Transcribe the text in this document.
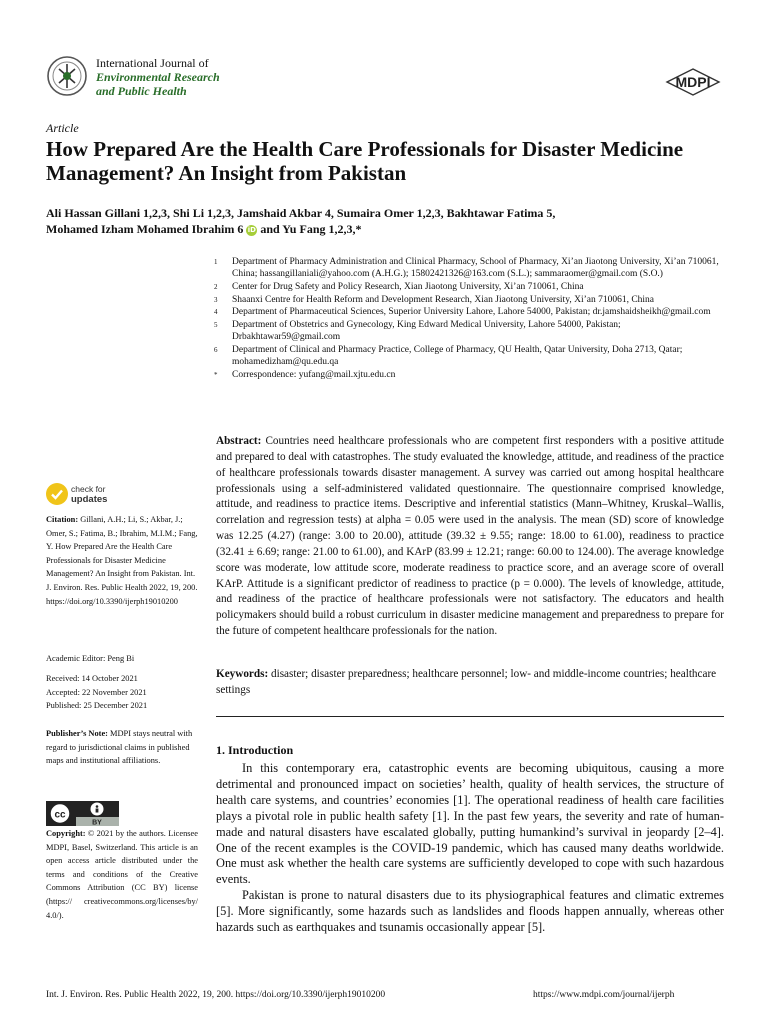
International Journal of
Environmental Research
and Public Health
MDPI
Article
How Prepared Are the Health Care Professionals for Disaster Medicine Management? An Insight from Pakistan
Ali Hassan Gillani 1,2,3, Shi Li 1,2,3, Jamshaid Akbar 4, Sumaira Omer 1,2,3, Bakhtawar Fatima 5,
Mohamed Izham Mohamed Ibrahim 6 iD and Yu Fang 1,2,3,*
1	Department of Pharmacy Administration and Clinical Pharmacy, School of Pharmacy, Xi’an Jiaotong University, Xi’an 710061, China; hassangillaniali@yahoo.com (A.H.G.); 15802421326@163.com (S.L.); sammaraomer@gmail.com (S.O.)
2	Center for Drug Safety and Policy Research, Xian Jiaotong University, Xi’an 710061, China
3	Shaanxi Centre for Health Reform and Development Research, Xian Jiaotong University, Xi’an 710061, China
4	Department of Pharmaceutical Sciences, Superior University Lahore, Lahore 54000, Pakistan; dr.jamshaidsheikh@gmail.com
5	Department of Obstetrics and Gynecology, King Edward Medical University, Lahore 54000, Pakistan; Drbakhtawar59@gmail.com
6	Department of Clinical and Pharmacy Practice, College of Pharmacy, QU Health, Qatar University, Doha 2713, Qatar; mohamedizham@qu.edu.qa
*	Correspondence: yufang@mail.xjtu.edu.cn
Abstract: Countries need healthcare professionals who are competent first responders with a positive attitude and prepared to deal with catastrophes. The study evaluated the knowledge, attitude, and readiness of the practice of healthcare professionals towards disaster management. A survey was carried out among hospital healthcare professionals using a self-administered validated questionnaire. The questionnaire comprised knowledge, attitude, and readiness to practice items. Descriptive and inferential statistics (Mann–Whitney, Kruskal–Wallis, correlation and regression tests) at alpha = 0.05 were used in the analysis. The mean (SD) score of knowledge was 12.25 (4.27) (range: 3.00 to 20.00), attitude (39.32 ± 9.55; range: 18.00 to 61.00), readiness to practice (32.41 ± 6.69; range: 21.00 to 61.00), and KArP (83.99 ± 12.21; range: 60.00 to 124.00). The average knowledge score was moderate, low attitude score, moderate readiness to practice score, and an average score of overall KArP. Attitude is a significant predictor of readiness to practice (p = 0.000). The levels of knowledge, attitude, and readiness of the practice of healthcare professionals were not satisfactory. The educators and health policymakers should build a robust curriculum in disaster medicine management and preparedness to prepare for the future of competent healthcare professionals for the nation.
Keywords: disaster; disaster preparedness; healthcare personnel; low- and middle-income countries; healthcare settings
1. Introduction

In this contemporary era, catastrophic events are becoming ubiquitous, causing a more detrimental and pronounced impact on societies’ health, quality of health services, the structure of health care systems, and countries’ economies [1]. The operational readiness of health care facilities plays a pivotal role in public health safety [1]. In the past few years, the severity and rate of human-made and natural disasters have escalated globally, putting humankind’s survival in jeopardy [2–4]. One of the recent examples is the COVID-19 pandemic, which has caused many deaths worldwide. One must ask whether the health care systems are sufficiently developed to cope with such hazardous events.

Pakistan is prone to natural disasters due to its physiographical features and climatic extremes [5]. More significantly, some hazards such as landslides and floods happen annually, whereas other hazards such as earthquakes and tsunamis occasionally appear [5].

check for
updates
Citation: Gillani, A.H.; Li, S.; Akbar, J.; Omer, S.; Fatima, B.; Ibrahim, M.I.M.; Fang, Y. How Prepared Are the Health Care Professionals for Disaster Medicine Management? An Insight from Pakistan. Int. J. Environ. Res. Public Health 2022, 19, 200. https://doi.org/10.3390/ijerph19010200
Academic Editor: Peng Bi
Received: 14 October 2021
Accepted: 22 November 2021
Published: 25 December 2021
Publisher’s Note: MDPI stays neutral with regard to jurisdictional claims in published maps and institutional affiliations.
cc
BY
Copyright: © 2021 by the authors. Licensee MDPI, Basel, Switzerland. This article is an open access article distributed under the terms and conditions of the Creative Commons Attribution (CC BY) license (https:// creativecommons.org/licenses/by/ 4.0/).
Int. J. Environ. Res. Public Health 2022, 19, 200. https://doi.org/10.3390/ijerph19010200	https://www.mdpi.com/journal/ijerph
